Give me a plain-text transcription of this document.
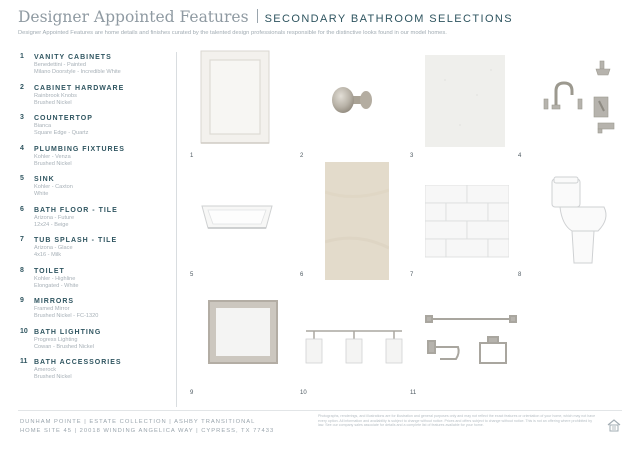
Designer Appointed Features SECONDARY BATHROOM SELECTIONS
Designer Appointed Features are home details and finishes curated by the talented design professionals responsible for the distinctive looks found in our model homes.
1	VANITY CABINETS
Benedettini - Painted
Milano Doorstyle - Incredible White
2	CABINET HARDWARE
Rainbrook Knobs
Brushed Nickel
3	COUNTERTOP
Bianca
Square Edge - Quartz
4	PLUMBING FIXTURES
Kohler - Venza
Brushed Nickel
5	SINK
Kohler - Caxton
White
6	BATH FLOOR - TILE
Arizona - Future
12x24 - Beige
7	TUB SPLASH - TILE
Arizona - Glace
4x16 - Milk
8	TOILET
Kohler - Highline
Elongated - White
9	MIRRORS
Framed Mirror
Brushed Nickel - FC-1320
10 BATH LIGHTING
Progress Lighting
Cowan - Brushed Nickel
11 BATH ACCESSORIES
Amerock
Brushed Nickel
1	2	3	4
5	6	7	8
9	10	11
DUNHAM POINTE | ESTATE COLLECTION | ASHBY TRANSITIONAL
HOME SITE 45 | 20018 WINDING ANGELICA WAY | CYPRESS, TX 77433
Photographs, renderings, and illustrations are for illustration and general purposes only and may not reflect the exact features or orientation of your home, which may not have every option. All information and availability is subject to change without notice. Prices and offers subject to change without notice. This is not an offering where prohibited by law. See our company sales associate for details and a complete list of features available for your home.
